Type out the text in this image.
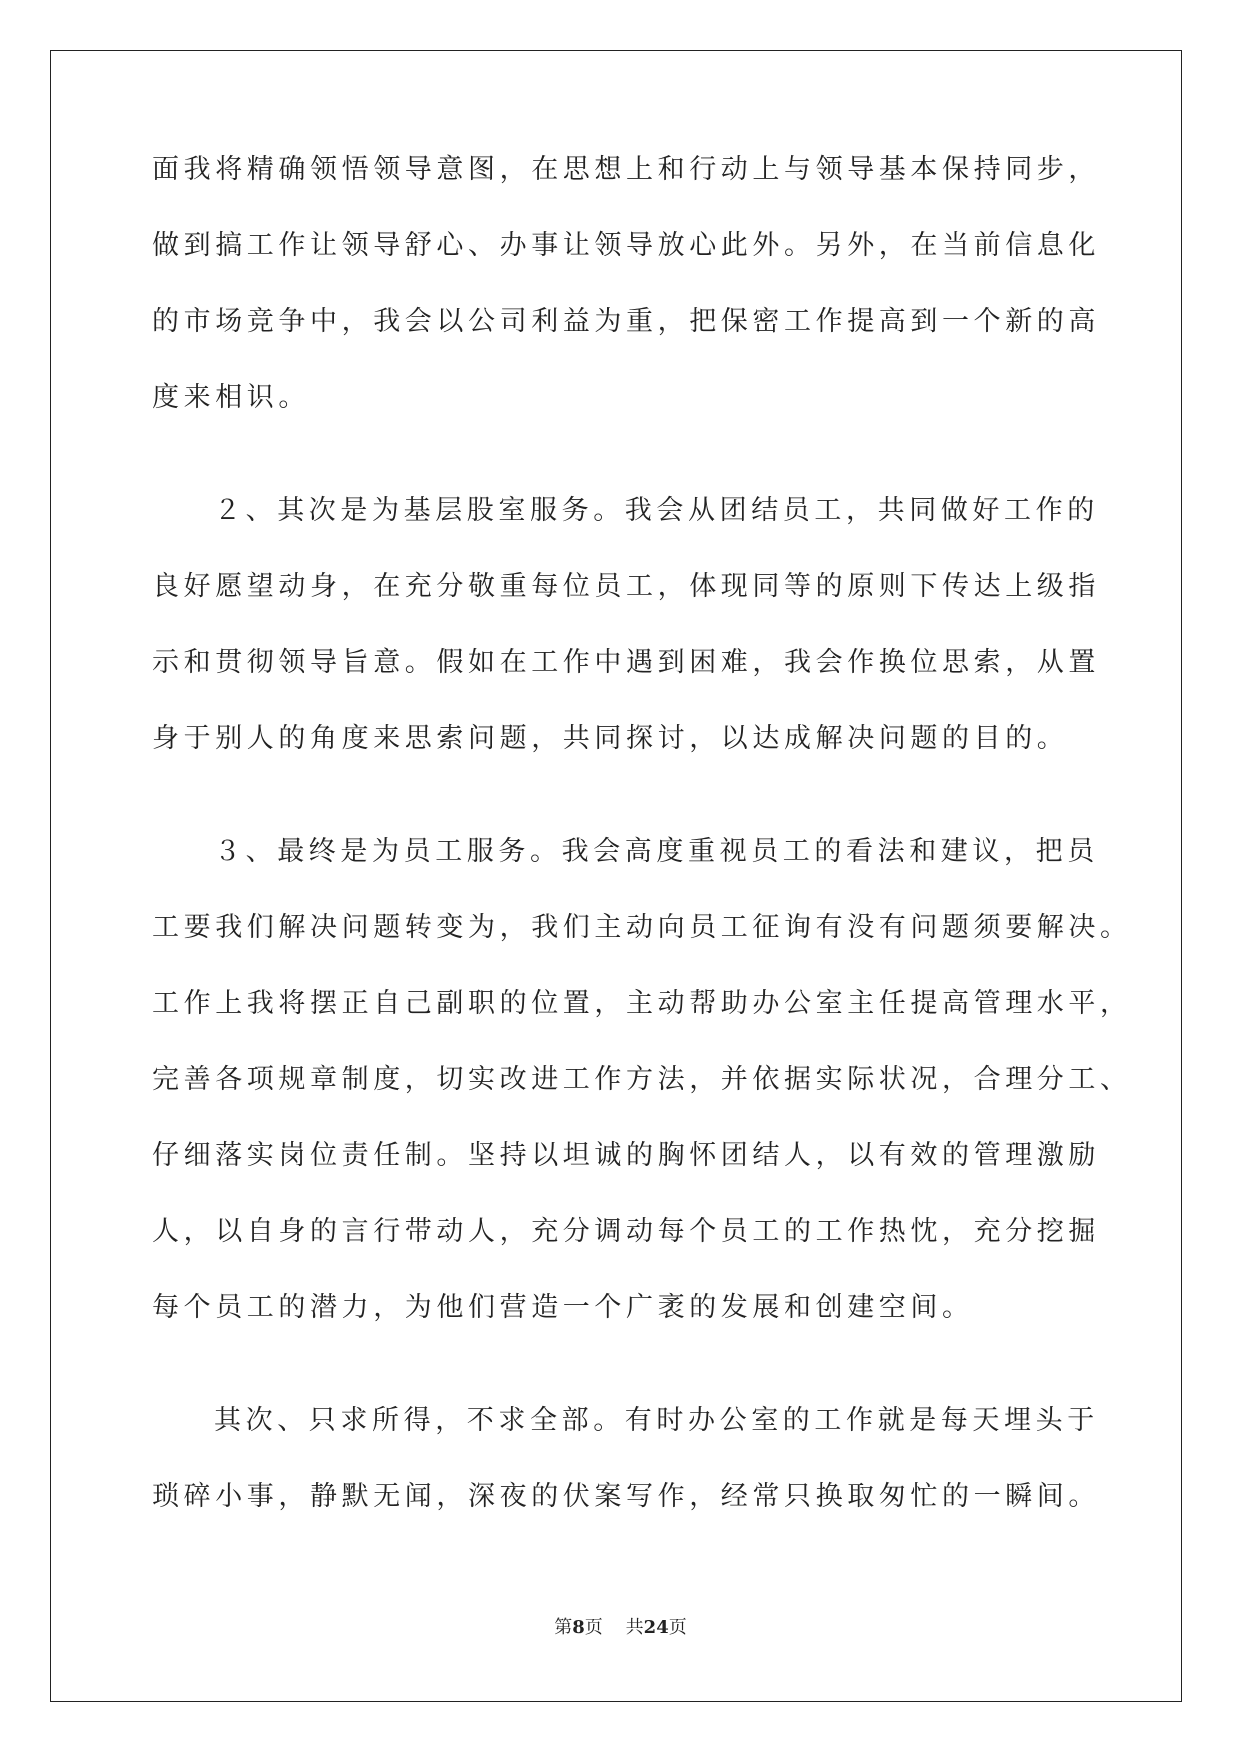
面我将精确领悟领导意图，在思想上和行动上与领导基本保持同步，

做到搞工作让领导舒心、办事让领导放心此外。另外，在当前信息化

的市场竞争中，我会以公司利益为重，把保密工作提高到一个新的高

度来相识。

２、其次是为基层股室服务。我会从团结员工，共同做好工作的

良好愿望动身，在充分敬重每位员工，体现同等的原则下传达上级指

示和贯彻领导旨意。假如在工作中遇到困难，我会作换位思索，从置

身于别人的角度来思索问题，共同探讨，以达成解决问题的目的。

３、最终是为员工服务。我会高度重视员工的看法和建议，把员

工要我们解决问题转变为，我们主动向员工征询有没有问题须要解决。

工作上我将摆正自己副职的位置，主动帮助办公室主任提高管理水平，

完善各项规章制度，切实改进工作方法，并依据实际状况，合理分工、

仔细落实岗位责任制。坚持以坦诚的胸怀团结人，以有效的管理激励

人，以自身的言行带动人，充分调动每个员工的工作热忱，充分挖掘

每个员工的潜力，为他们营造一个广袤的发展和创建空间。

其次、只求所得，不求全部。有时办公室的工作就是每天埋头于

琐碎小事，静默无闻，深夜的伏案写作，经常只换取匆忙的一瞬间。

第8页 共24页
